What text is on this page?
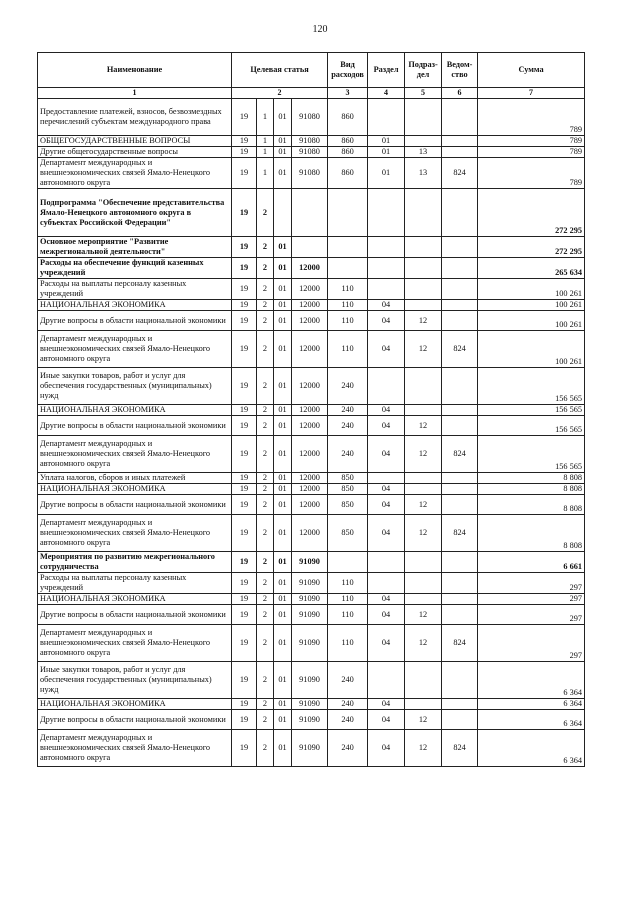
120
Наименование	Целевая статья				Вид расходов	Раздел	Подраз-дел	Ведом-ство	Сумма
1	2				3	4	5	6	7
Предоставление платежей, взносов, безвозмездных перечислений субъектам международного права	19	1	01	91080	860				789
ОБЩЕГОСУДАРСТВЕННЫЕ ВОПРОСЫ	19	1	01	91080	860	01			789
Другие общегосударственные вопросы	19	1	01	91080	860	01	13		789
Департамент международных и внешнеэкономических связей Ямало-Ненецкого автономного округа	19	1	01	91080	860	01	13	824	789
Подпрограмма "Обеспечение представительства Ямало-Ненецкого автономного округа в субъектах Российской Федерации"	19	2							272 295
Основное мероприятие "Развитие межрегиональной деятельности"	19	2	01						272 295
Расходы на обеспечение функций казенных учреждений	19	2	01	12000					265 634
Расходы на выплаты персоналу казенных учреждений	19	2	01	12000	110				100 261
НАЦИОНАЛЬНАЯ ЭКОНОМИКА	19	2	01	12000	110	04			100 261
Другие вопросы в области национальной экономики	19	2	01	12000	110	04	12		100 261
Департамент международных и внешнеэкономических связей Ямало-Ненецкого автономного округа	19	2	01	12000	110	04	12	824	100 261
Иные закупки товаров, работ и услуг для обеспечения государственных (муниципальных) нужд	19	2	01	12000	240				156 565
НАЦИОНАЛЬНАЯ ЭКОНОМИКА	19	2	01	12000	240	04			156 565
Другие вопросы в области национальной экономики	19	2	01	12000	240	04	12		156 565
Департамент международных и внешнеэкономических связей Ямало-Ненецкого автономного округа	19	2	01	12000	240	04	12	824	156 565
Уплата налогов, сборов и иных платежей	19	2	01	12000	850				8 808
НАЦИОНАЛЬНАЯ ЭКОНОМИКА	19	2	01	12000	850	04			8 808
Другие вопросы в области национальной экономики	19	2	01	12000	850	04	12		8 808
Департамент международных и внешнеэкономических связей Ямало-Ненецкого автономного округа	19	2	01	12000	850	04	12	824	8 808
Мероприятия по развитию межрегионального сотрудничества	19	2	01	91090					6 661
Расходы на выплаты персоналу казенных учреждений	19	2	01	91090	110				297
НАЦИОНАЛЬНАЯ ЭКОНОМИКА	19	2	01	91090	110	04			297
Другие вопросы в области национальной экономики	19	2	01	91090	110	04	12		297
Департамент международных и внешнеэкономических связей Ямало-Ненецкого автономного округа	19	2	01	91090	110	04	12	824	297
Иные закупки товаров, работ и услуг для обеспечения государственных (муниципальных) нужд	19	2	01	91090	240				6 364
НАЦИОНАЛЬНАЯ ЭКОНОМИКА	19	2	01	91090	240	04			6 364
Другие вопросы в области национальной экономики	19	2	01	91090	240	04	12		6 364
Департамент международных и внешнеэкономических связей Ямало-Ненецкого автономного округа	19	2	01	91090	240	04	12	824	6 364
